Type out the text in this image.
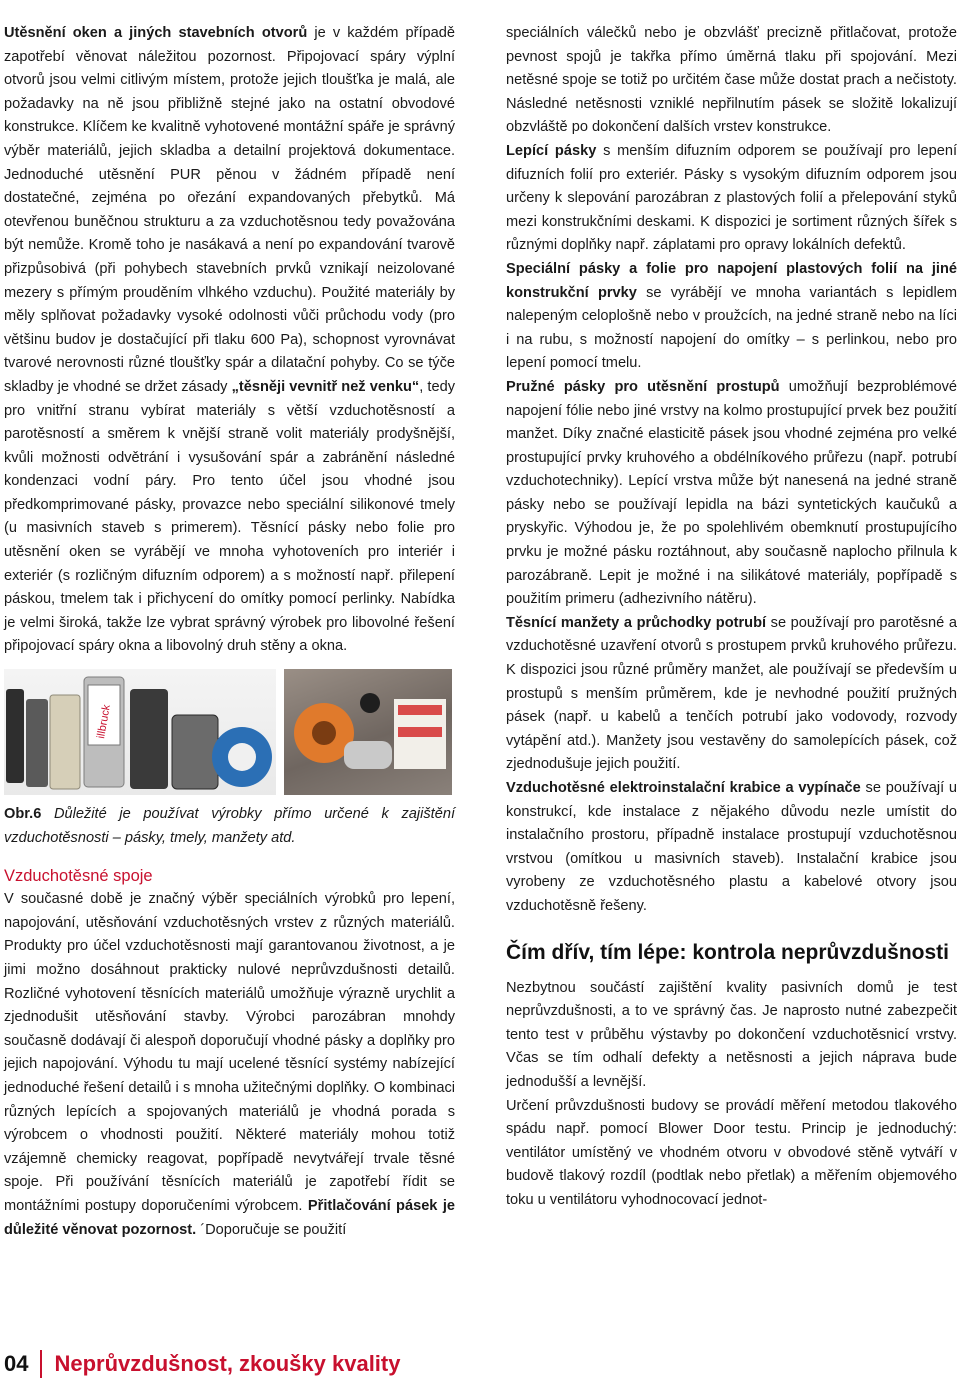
Utěsnění oken a jiných stavebních otvorů je v každém případě zapotřebí věnovat náležitou pozornost. Připojovací spáry výplní otvorů jsou velmi citlivým místem, protože jejich tloušťka je malá, ale požadavky na ně jsou přibližně stejné jako na ostatní obvodové konstrukce. Klíčem ke kvalitně vyhotovené montážní spáře je správný výběr materiálů, jejich skladba a detailní projektová dokumentace. Jednoduché utěsnění PUR pěnou v žádném případě není dostatečné, zejména po ořezání expandovaných přebytků. Má otevřenou buněčnou strukturu a za vzduchotěsnou tedy považována být nemůže. Kromě toho je nasákavá a není po expandování tvarově přizpůsobivá (při pohybech stavebních prvků vznikají neizolované mezery s přímým prouděním vlhkého vzduchu). Použité materiály by měly splňovat požadavky vysoké odolnosti vůči průchodu vody (pro většinu budov je dostačující při tlaku 600 Pa), schopnost vyrovnávat tvarové nerovnosti různé tloušťky spár a dilatační pohyby. Co se týče skladby je vhodné se držet zásady „těsněji vevnitř než venku“, tedy pro vnitřní stranu vybírat materiály s větší vzduchotěsností a parotěsností a směrem k vnější straně volit materiály prodyšnější, kvůli možnosti odvětrání i vysušování spár a zabránění následné kondenzaci vodní páry. Pro tento účel jsou vhodné jsou předkomprimované pásky, provazce nebo speciální silikonové tmely (u masivních staveb s primerem). Těsnící pásky nebo folie pro utěsnění oken se vyrábějí ve mnoha vyhotoveních pro interiér i exteriér (s rozličným difuzním odporem) a s možností např. přilepení páskou, tmelem tak i přichycení do omítky pomocí perlinky. Nabídka je velmi široká, takže lze vybrat správný výrobek pro libovolné řešení připojovací spáry okna a libovolný druh stěny a okna.

illbruck

Obr.6 Důležité je používat výrobky přímo určené k zajištění vzduchotěsnosti – pásky, tmely, manžety atd.

Vzduchotěsné spoje

V současné době je značný výběr speciálních výrobků pro lepení, napojování, utěsňování vzduchotěsných vrstev z různých materiálů. Produkty pro účel vzduchotěsnosti mají garantovanou životnost, a je jimi možno dosáhnout prakticky nulové neprůvzdušnosti detailů. Rozličné vyhotovení těsnících materiálů umožňuje výrazně urychlit a zjednodušit utěsňování stavby. Výrobci parozábran mnohdy současně dodávají či alespoň doporučují vhodné pásky a doplňky pro jejich napojování. Výhodu tu mají ucelené těsnící systémy nabízející jednoduché řešení detailů i s mnoha užitečnými doplňky. O kombinaci různých lepících a spojovaných materiálů je vhodná porada s výrobcem o vhodnosti použití. Některé materiály mohou totiž vzájemně chemicky reagovat, popřípadě nevytvářejí trvale těsné spoje. Při používání těsnících materiálů je zapotřebí řídit se montážními postupy doporučeními výrobcem. Přitlačování pásek je důležité věnovat pozornost. ´Doporučuje se použití

speciálních válečků nebo je obzvlášť precizně přitlačovat, protože pevnost spojů je takřka přímo úměrná tlaku při spojování. Mezi netěsné spoje se totiž po určitém čase může dostat prach a nečistoty. Následné netěsnosti vzniklé nepřilnutím pásek se složitě lokalizují obzvláště po dokončení dalších vrstev konstrukce.

Lepící pásky s menším difuzním odporem se používají pro lepení difuzních folií pro exteriér. Pásky s vysokým difuzním odporem jsou určeny k slepování parozábran z plastových folií a přelepování styků mezi konstrukčními deskami. K dispozici je sortiment různých šířek s různými doplňky např. záplatami pro opravy lokálních defektů.

Speciální pásky a folie pro napojení plastových folií na jiné konstrukční prvky se vyrábějí ve mnoha variantách s lepidlem nalepeným celoplošně nebo v proužcích, na jedné straně nebo na líci i na rubu, s možností napojení do omítky – s perlinkou, nebo pro lepení pomocí tmelu.

Pružné pásky pro utěsnění prostupů umožňují bezproblémové napojení fólie nebo jiné vrstvy na kolmo prostupující prvek bez použití manžet. Díky značné elasticitě pásek jsou vhodné zejména pro velké prostupující prvky kruhového a obdélníkového průřezu (např. potrubí vzduchotechniky). Lepící vrstva může být nanesená na jedné straně pásky nebo se používají lepidla na bázi syntetických kaučuků a pryskyřic. Výhodou je, že po spolehlivém obemknutí prostupujícího prvku je možné pásku roztáhnout, aby současně naplocho přilnula k parozábraně. Lepit je možné i na silikátové materiály, popřípadě s použitím primeru (adhezivního nátěru).

Těsnící manžety a průchodky potrubí se používají pro parotěsné a vzduchotěsné uzavření otvorů s prostupem prvků kruhového průřezu. K dispozici jsou různé průměry manžet, ale používají se především u prostupů s menším průměrem, kde je nevhodné použití pružných pásek (např. u kabelů a tenčích potrubí jako vodovody, rozvody vytápění atd.). Manžety jsou vestavěny do samolepících pásek, což zjednodušuje jejich použití.

Vzduchotěsné elektroinstalační krabice a vypínače se používají u konstrukcí, kde instalace z nějakého důvodu nezle umístit do instalačního prostoru, případně instalace prostupují vzduchotěsnou vrstvou (omítkou u masivních staveb). Instalační krabice jsou vyrobeny ze vzduchotěsného plastu a kabelové otvory jsou vzduchotěsně řešeny.

Čím dřív, tím lépe: kontrola neprůvzdušnosti

Nezbytnou součástí zajištění kvality pasivních domů je test neprůvzdušnosti, a to ve správný čas. Je naprosto nutné zabezpečit tento test v průběhu výstavby po dokončení vzduchotěsnicí vrstvy. Včas se tím odhalí defekty a netěsnosti a jejich náprava bude jednodušší a levnější.

Určení průvzdušnosti budovy se provádí měření metodou tlakového spádu např. pomocí Blower Door testu. Princip je jednoduchý: ventilátor umístěný ve vhodném otvoru v obvodové stěně vytváří v budově tlakový rozdíl (podtlak nebo přetlak) a měřením objemového toku u ventilátoru vyhodnocovací jednot-

04 Neprůvzdušnost, zkoušky kvality
